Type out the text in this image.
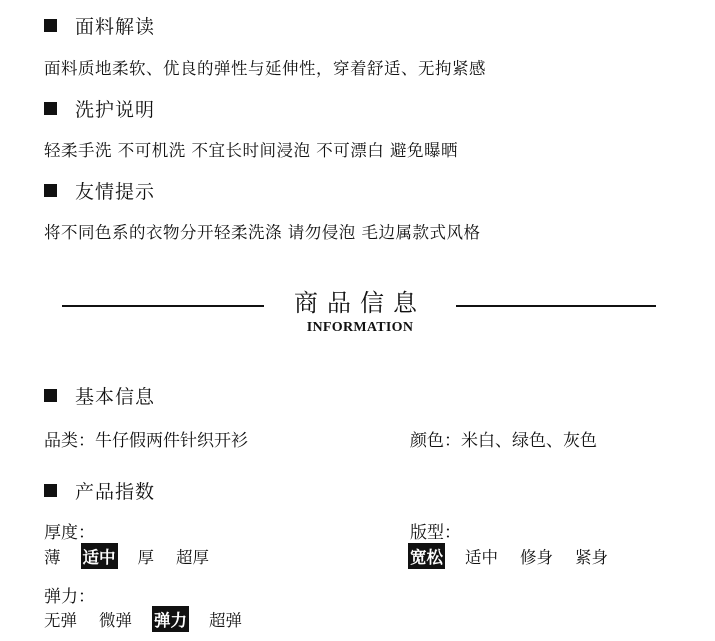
面料解读
面料质地柔软、优良的弹性与延伸性，穿着舒适、无拘紧感
洗护说明
轻柔手洗 不可机洗 不宜长时间浸泡 不可漂白 避免曝晒
友情提示
将不同色系的衣物分开轻柔洗涤 请勿侵泡 毛边属款式风格
商品信息
INFORMATION
基本信息
品类：牛仔假两件针织开衫	颜色：米白、绿色、灰色
产品指数
厚度：
薄 适中 厚 超厚
版型：
宽松 适中 修身 紧身
弹力：
无弹 微弹 弹力 超弹
